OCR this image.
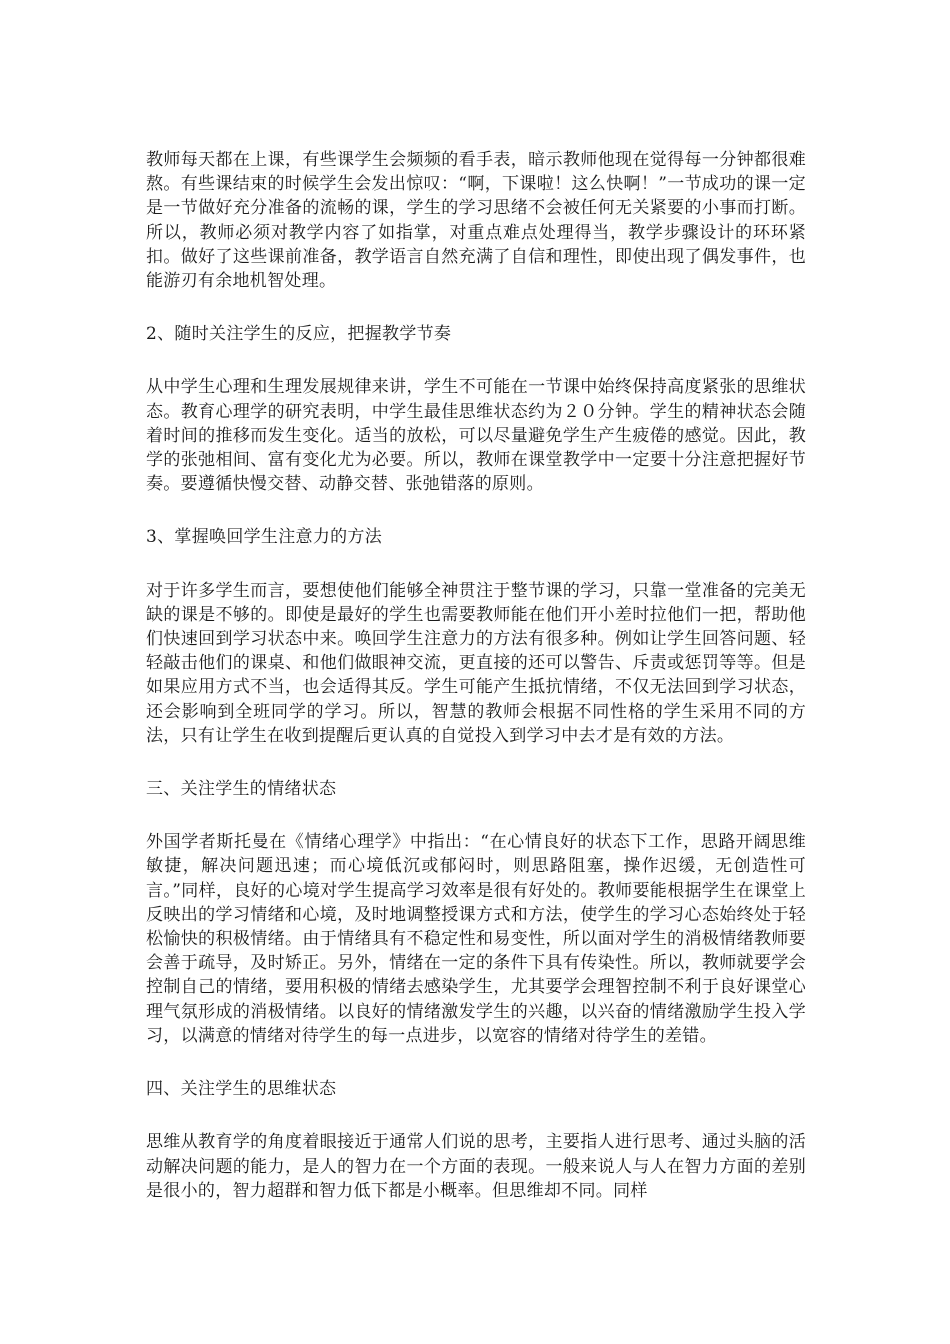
教师每天都在上课，有些课学生会频频的看手表，暗示教师他现在觉得每一分钟都很难熬。有些课结束的时候学生会发出惊叹：“啊，下课啦！这么快啊！”一节成功的课一定是一节做好充分准备的流畅的课，学生的学习思绪不会被任何无关紧要的小事而打断。所以，教师必须对教学内容了如指掌，对重点难点处理得当，教学步骤设计的环环紧扣。做好了这些课前准备，教学语言自然充满了自信和理性，即使出现了偶发事件，也能游刃有余地机智处理。

2、随时关注学生的反应，把握教学节奏

从中学生心理和生理发展规律来讲，学生不可能在一节课中始终保持高度紧张的思维状态。教育心理学的研究表明，中学生最佳思维状态约为２０分钟。学生的精神状态会随着时间的推移而发生变化。适当的放松，可以尽量避免学生产生疲倦的感觉。因此，教学的张弛相间、富有变化尤为必要。所以，教师在课堂教学中一定要十分注意把握好节奏。要遵循快慢交替、动静交替、张弛错落的原则。

3、掌握唤回学生注意力的方法

对于许多学生而言，要想使他们能够全神贯注于整节课的学习，只靠一堂准备的完美无缺的课是不够的。即使是最好的学生也需要教师能在他们开小差时拉他们一把，帮助他们快速回到学习状态中来。唤回学生注意力的方法有很多种。例如让学生回答问题、轻轻敲击他们的课桌、和他们做眼神交流，更直接的还可以警告、斥责或惩罚等等。但是如果应用方式不当，也会适得其反。学生可能产生抵抗情绪，不仅无法回到学习状态，还会影响到全班同学的学习。所以，智慧的教师会根据不同性格的学生采用不同的方法，只有让学生在收到提醒后更认真的自觉投入到学习中去才是有效的方法。

三、关注学生的情绪状态

外国学者斯托曼在《情绪心理学》中指出：“在心情良好的状态下工作，思路开阔思维敏捷，解决问题迅速；而心境低沉或郁闷时，则思路阻塞，操作迟缓，无创造性可言。”同样，良好的心境对学生提高学习效率是很有好处的。教师要能根据学生在课堂上反映出的学习情绪和心境，及时地调整授课方式和方法，使学生的学习心态始终处于轻松愉快的积极情绪。由于情绪具有不稳定性和易变性，所以面对学生的消极情绪教师要会善于疏导，及时矫正。另外，情绪在一定的条件下具有传染性。所以，教师就要学会控制自己的情绪，要用积极的情绪去感染学生，尤其要学会理智控制不利于良好课堂心理气氛形成的消极情绪。以良好的情绪激发学生的兴趣，以兴奋的情绪激励学生投入学习，以满意的情绪对待学生的每一点进步，以宽容的情绪对待学生的差错。

四、关注学生的思维状态

思维从教育学的角度着眼接近于通常人们说的思考，主要指人进行思考、通过头脑的活动解决问题的能力，是人的智力在一个方面的表现。一般来说人与人在智力方面的差别是很小的，智力超群和智力低下都是小概率。但思维却不同。同样
